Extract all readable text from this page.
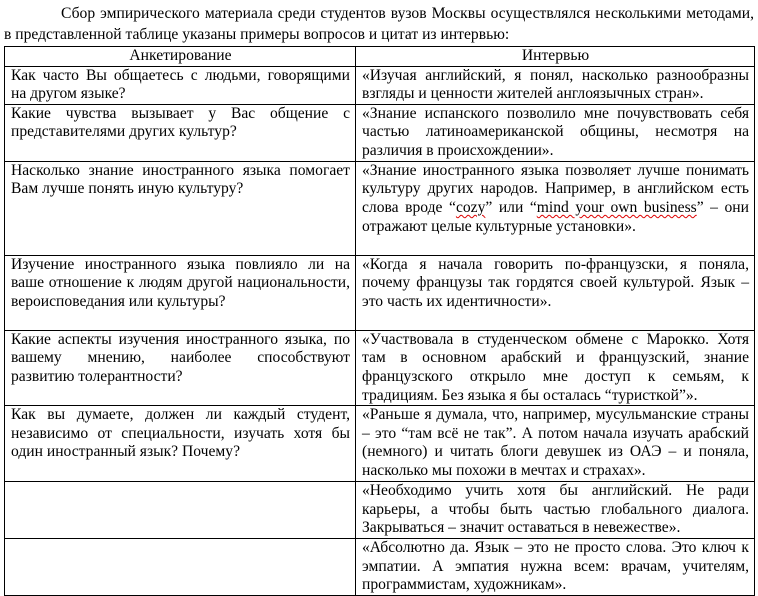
Сбор эмпирического материала среди студентов вузов Москвы осуществлялся несколькими методами, в представленной таблице указаны примеры вопросов и цитат из интервью:

Анкетирование	Интервью
Как часто Вы общаетесь с людьми, говорящими на другом языке?	«Изучая английский, я понял, насколько разнообразны взгляды и ценности жителей англоязычных стран».
Какие чувства вызывает у Вас общение с представителями других культур?	«Знание испанского позволило мне почувствовать себя частью латиноамериканской общины, несмотря на различия в происхождении».
Насколько знание иностранного языка помогает Вам лучше понять иную культуру?	«Знание иностранного языка позволяет лучше понимать культуру других народов. Например, в английском есть слова вроде “cozy” или “mind your own business” – они отражают целые культурные установки».
Изучение иностранного языка повлияло ли на ваше отношение к людям другой национальности, вероисповедания или культуры?	«Когда я начала говорить по-французски, я поняла, почему французы так гордятся своей культурой. Язык – это часть их идентичности».
Какие аспекты изучения иностранного языка, по вашему мнению, наиболее способствуют развитию толерантности?	«Участвовала в студенческом обмене с Марокко. Хотя там в основном арабский и французский, знание французского открыло мне доступ к семьям, к традициям. Без языка я бы осталась “туристкой”».
Как вы думаете, должен ли каждый студент, независимо от специальности, изучать хотя бы один иностранный язык? Почему?	«Раньше я думала, что, например, мусульманские страны – это “там всё не так”. А потом начала изучать арабский (немного) и читать блоги девушек из ОАЭ – и поняла, насколько мы похожи в мечтах и страхах».
	«Необходимо учить хотя бы английский. Не ради карьеры, а чтобы быть частью глобального диалога. Закрываться – значит оставаться в невежестве».
	«Абсолютно да. Язык – это не просто слова. Это ключ к эмпатии. А эмпатия нужна всем: врачам, учителям, программистам, художникам».
